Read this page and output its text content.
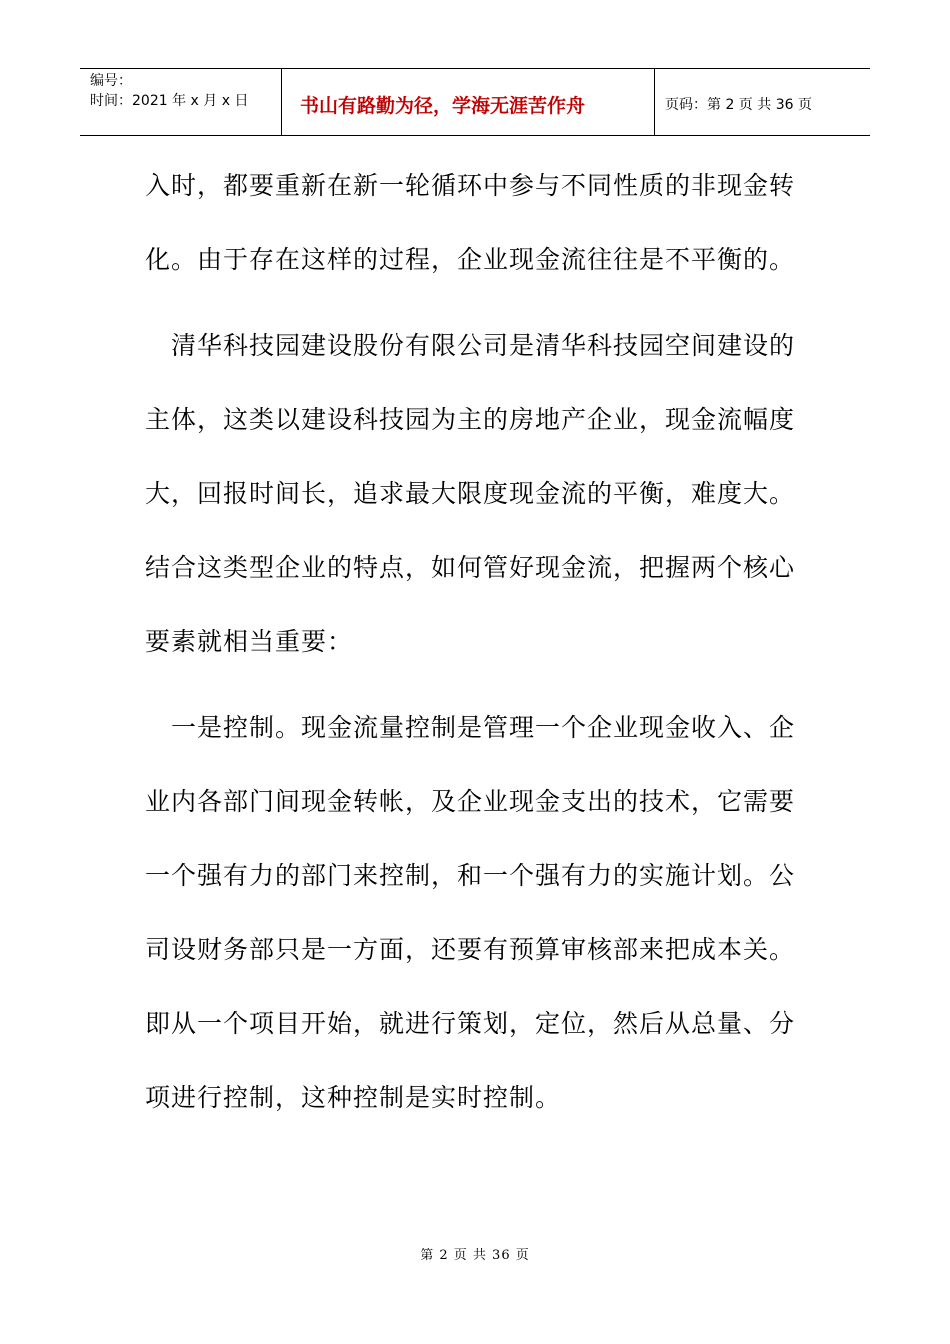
编号：
时间：2021 年 x 月 x 日	书山有路勤为径，学海无涯苦作舟	页码：第 2 页 共 36 页
入时，都要重新在新一轮循环中参与不同性质的非现金转
化。由于存在这样的过程，企业现金流往往是不平衡的。
　清华科技园建设股份有限公司是清华科技园空间建设的
主体，这类以建设科技园为主的房地产企业，现金流幅度
大，回报时间长，追求最大限度现金流的平衡，难度大。
结合这类型企业的特点，如何管好现金流，把握两个核心
要素就相当重要：
　一是控制。现金流量控制是管理一个企业现金收入、企
业内各部门间现金转帐，及企业现金支出的技术，它需要
一个强有力的部门来控制，和一个强有力的实施计划。公
司设财务部只是一方面，还要有预算审核部来把成本关。
即从一个项目开始，就进行策划，定位，然后从总量、分
项进行控制，这种控制是实时控制。
第 2 页 共 36 页
